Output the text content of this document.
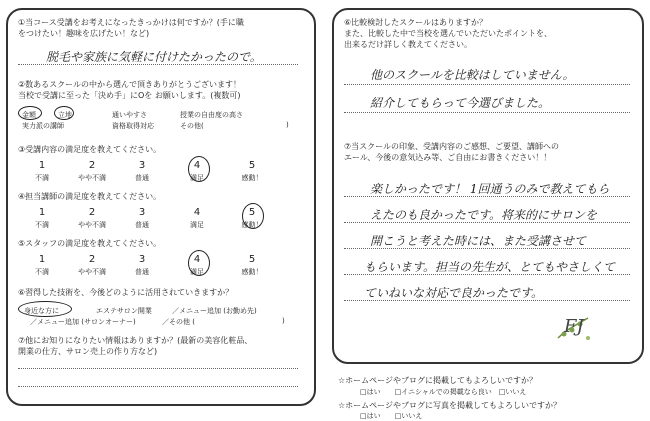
①当コース受講をお考えになったきっかけは何ですか？(手に職
をつけたい！趣味を広げたい！など)
脱毛や家族に気軽に付けたかったので。
②数あるスクールの中から選んで頂きありがとうございます！
当校で受講に至った「決め手」にOを お願いします。(複数可)
金額	立地	通いやすさ	授業の自由度の高さ
実力派の講師	資格取得対応	その他(	)
③受講内容の満足度を教えてください。
1	2	3	4	5
不満	やや不満	普通	満足	感動！
④担当講師の満足度を教えてください。
1	2	3	4	5
不満	やや不満	普通	満足	感動！
⑤スタッフの満足度を教えてください。
1	2	3	4	5
不満	やや不満	普通	満足	感動！
⑥習得した技術を、今後どのように活用されていきますか？
身近な方に	エステサロン開業	／メニュー追加 (お勤め先)
／メニュー追加 (サロンオーナー)	／その他 (	)
⑦他にお知りになりたい情報はありますか？(最新の美容化粧品、
開業の仕方、サロン売上の作り方など)
⑥比較検討したスクールはありますか？
また、比較した中で当校を選んでいただいたポイントを、
出来るだけ詳しく教えてください。
他のスクールを比較はしていません。
紹介してもらって今選びました。
⑦当スクールの印象、受講内容のご感想、ご要望、講師への
エール、今後の意気込み等、ご自由にお書きください！！
楽しかったです！ 1回通うのみで教えてもら
えたのも良かったです。将来的にサロンを
開こうと考えた時には、また受講させて
もらいます。担当の先生が、とてもやさしくて
ていねいな対応で良かったです。
FJ
☆ホームページやブログに掲載してもよろしいですか？
□はい　　□イニシャルでの掲載なら良い　□いいえ
☆ホームページやブログに写真を掲載してもよろしいですか？
□はい　　□いいえ
